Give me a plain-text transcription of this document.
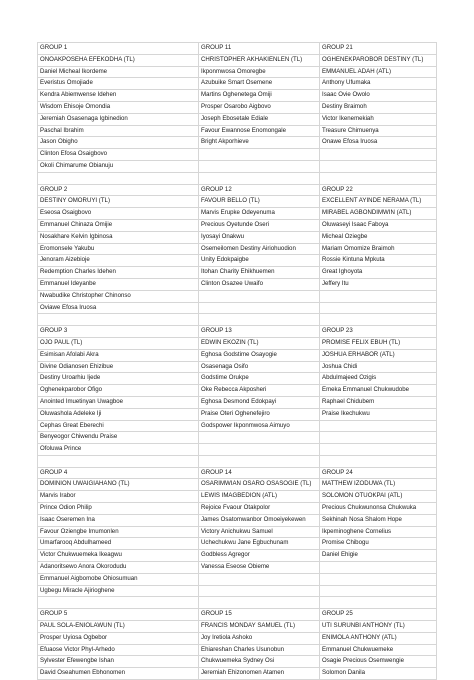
GROUP 1	GROUP 11	GROUP 21
ONOAKPOSEHA EFEKODHA (TL)	CHRISTOPHER AKHAKIENLEN (TL)	OGHENEKPAROBOR DESTINY (TL)
Daniel Micheal Ikordeme	Ikponmwosa Omoregbe	EMMANUEL ADAH (ATL)
Everistus Omojiade	Azubuike Smart Osemene	Anthony Ufumaka
Kendra Abiemwense Idehen	Martins Oghenetega Omiji	Isaac Ovie Owolo
Wisdom Ehisoje Omondia	Prosper Osarobo Aigbovo	Destiny Braimoh
Jeremiah Osasenaga Igbinedion	Joseph Ebosetale Ediale	Victor Ikenemekiah
Paschal Ibrahim	Favour Ewannose Enomongale	Treasure Chimuenya
Jason Obigho	Bright Akporhieve	Onawe Efosa Iruosa
Clinton Efosa Osaigbovo		
Okoli Chimarume Obianuju		

GROUP 2	GROUP 12	GROUP 22
DESTINY OMORUYI (TL)	FAVOUR BELLO (TL)	EXCELLENT AYINDE NERAMA (TL)
Eseosa Osaigbovo	Marvis Erupke Odeyenuma	MIRABEL AGBONDIMWIN (ATL)
Emmanuel Chinaza Omijie	Precious Oyetunde Oseri	Oluwaseyi Isaac Faboya
Nosakhare Kelvin Igbinosa	Iyosayi Onakwu	Micheal Oziegbe
Eromonsele Yakubu	Osemeilomen Destiny Airiohuodion	Mariam Omomize Braimoh
Jenoram Aizebioje	Unity Edokpaigbe	Rossie Kintuna Mpkuta
Redemption Charles Idehen	Itohan Charity Ehikhuemen	Great Ighoyota
Emmanuel Ideyanbe	Clinton Osazee Uwaifo	Jeffery Itu
Nwabudike Christopher Chinonso		
Oviawe Efosa Iruosa		

GROUP 3	GROUP 13	GROUP 23
OJO PAUL (TL)	EDWIN EKOZIN (TL)	PROMISE FELIX EBUH (TL)
Esimisan Afolabi Akra	Eghosa Godstime Osayogie	JOSHUA ERHABOR (ATL)
Divine Odianosen Ehizibue	Osasenaga Osifo	Joshua Chidi
Destiny Uroarhiu Ijede	Godstime Orukpe	Abdulmajeed Ozigis
Oghenekparobor Ofigo	Oke Rebecca Akposheri	Emeka Emmanuel Chukwudobe
Anointed Imuetinyan Uwagboe	Eghosa Desmond Edokpayi	Raphael Chidubem
Oluwashola Adeleke Iji	Praise Oteri Oghenefejiro	Praise Ikechukwu
Cephas Great Eberechi	Godspower Ikponmwosa Aimuyo	
Benyeogor Chiwendu Praise		
Ofoluwa Prince		

GROUP 4	GROUP 14	GROUP 24
DOMINION UWAIGIAHANO (TL)	OSARIMWIAN OSARO OSASOGIE (TL)	MATTHEW IZODUWA (TL)
Marvis Irabor	LEWIS IMAGBEDION (ATL)	SOLOMON OTUOKPAI (ATL)
Prince Odion Philip	Rejoice Fvaour Otakpolor	Precious Chukwunonsa Chukwuka
Isaac Oseremen Ina	James Osatomwanbor Omoeiyekewen	Sekhinah Nosa Shalom Hope
Favour Oziengbe Imumonlen	Victory Anichukwu Samuel	Ikpeminoghene Cornelius
Umarfarooq Abdulhameed	Uchechukwu Jane Egbuchunam	Promise Chibogu
Victor Chukwuemeka Ikeagwu	Godbless Agregor	Daniel Ehigie
Adanoritsewo Anora Okorodudu	Vanessa Eseose Obieme	
Emmanuel Aigbomobe Ohiosumuan		
Ugbegu Miracle Ajirioghene		

GROUP 5	GROUP 15	GROUP 25
PAUL SOLA-ENIOLAWUN (TL)	FRANCIS MONDAY SAMUEL (TL)	UTI SURUNBI ANTHONY (TL)
Prosper Uyiosa Ogbebor	Joy Iretiola Ashoko	ENIMOLA ANTHONY (ATL)
Efuaose Victor Phyl-Arhedo	Ehiareshan Charles Usunobun	Emmanuel Chukwuemeke
Sylvester Efewengbe Ishan	Chukwuemeka Sydney Osi	Osagie Precious Osemwengie
David Oseahumen Ebhonomen	Jeremiah Ehizonomen Atamen	Solomon Danila
